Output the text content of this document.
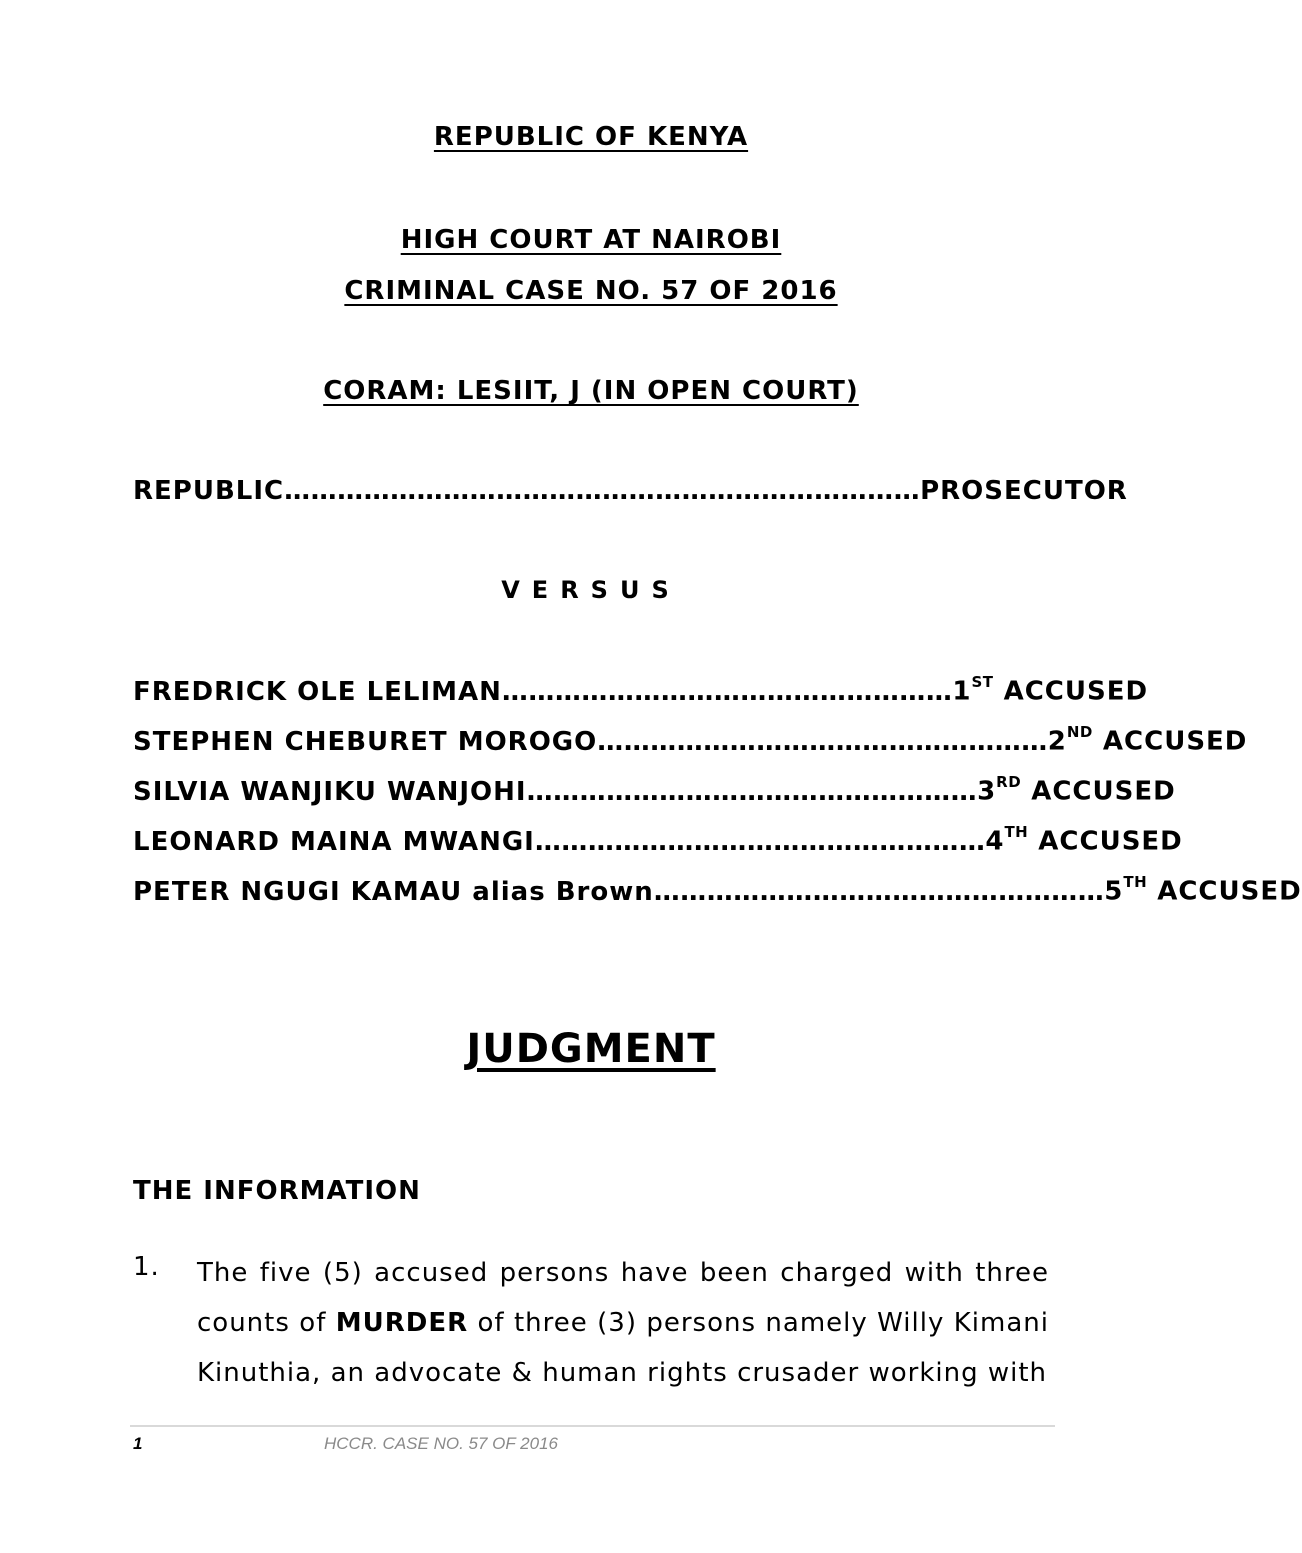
REPUBLIC OF KENYA
HIGH COURT AT NAIROBI
CRIMINAL CASE NO. 57 OF 2016
CORAM: LESIIT, J (IN OPEN COURT)
REPUBLIC ……………………………………………………………… PROSECUTOR
VERSUS
FREDRICK OLE LELIMAN …………………………………………… 1ST ACCUSED
STEPHEN CHEBURET MOROGO …………………………………………… 2ND ACCUSED
SILVIA WANJIKU WANJOHI …………………………………………… 3RD ACCUSED
LEONARD MAINA MWANGI …………………………………………… 4TH ACCUSED
PETER NGUGI KAMAU alias Brown …………………………………………… 5TH ACCUSED
JUDGMENT
THE INFORMATION
1. The five (5) accused persons have been charged with three counts of MURDER of three (3) persons namely Willy Kimani Kinuthia, an advocate & human rights crusader working with
1	HCCR. CASE NO. 57 OF 2016
